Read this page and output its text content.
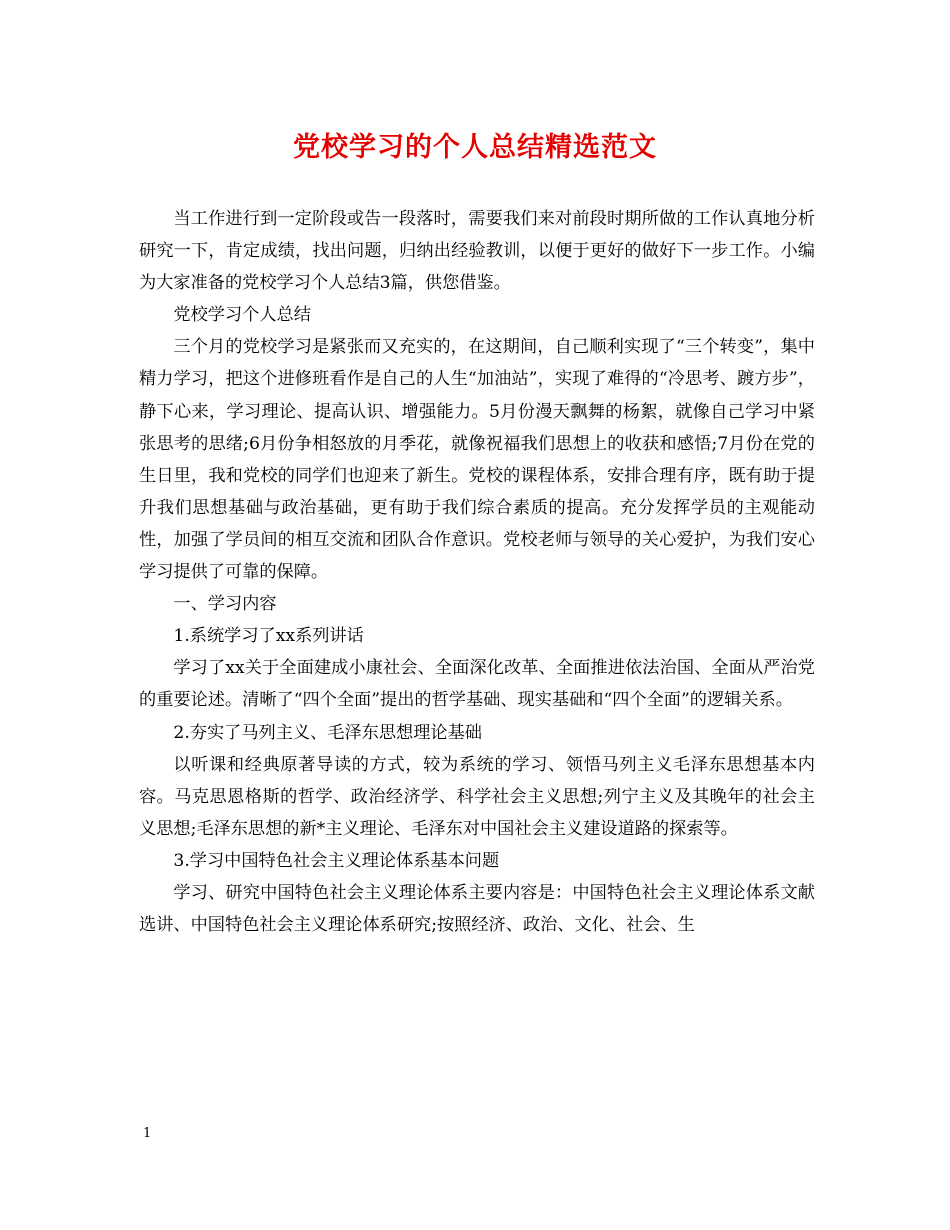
党校学习的个人总结精选范文

当工作进行到一定阶段或告一段落时，需要我们来对前段时期所做的工作认真地分析研究一下，肯定成绩，找出问题，归纳出经验教训，以便于更好的做好下一步工作。小编为大家准备的党校学习个人总结3篇，供您借鉴。

党校学习个人总结

三个月的党校学习是紧张而又充实的，在这期间，自己顺利实现了“三个转变”，集中精力学习，把这个进修班看作是自己的人生“加油站”，实现了难得的“冷思考、踱方步”，静下心来，学习理论、提高认识、增强能力。5月份漫天飘舞的杨絮，就像自己学习中紧张思考的思绪;6月份争相怒放的月季花，就像祝福我们思想上的收获和感悟;7月份在党的生日里，我和党校的同学们也迎来了新生。党校的课程体系，安排合理有序，既有助于提升我们思想基础与政治基础，更有助于我们综合素质的提高。充分发挥学员的主观能动性，加强了学员间的相互交流和团队合作意识。党校老师与领导的关心爱护，为我们安心学习提供了可靠的保障。

一、学习内容

1.系统学习了xx系列讲话

学习了xx关于全面建成小康社会、全面深化改革、全面推进依法治国、全面从严治党的重要论述。清晰了“四个全面”提出的哲学基础、现实基础和“四个全面”的逻辑关系。

2.夯实了马列主义、毛泽东思想理论基础

以听课和经典原著导读的方式，较为系统的学习、领悟马列主义毛泽东思想基本内容。马克思恩格斯的哲学、政治经济学、科学社会主义思想;列宁主义及其晚年的社会主义思想;毛泽东思想的新*主义理论、毛泽东对中国社会主义建设道路的探索等。

3.学习中国特色社会主义理论体系基本问题

学习、研究中国特色社会主义理论体系主要内容是：中国特色社会主义理论体系文献选讲、中国特色社会主义理论体系研究;按照经济、政治、文化、社会、生

1
